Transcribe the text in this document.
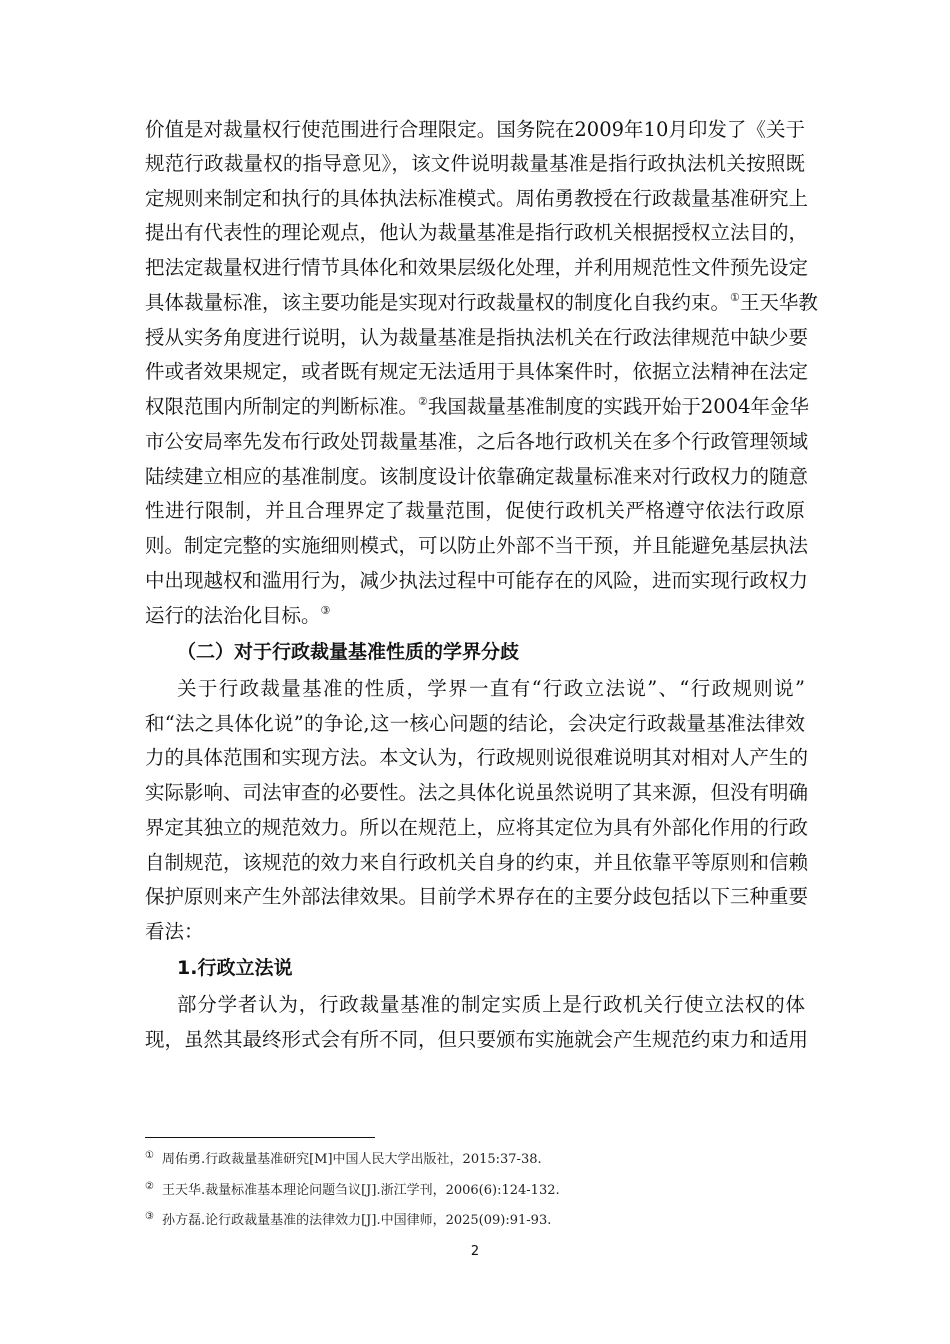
价值是对裁量权行使范围进行合理限定。国务院在2009年10月印发了《关于
规范行政裁量权的指导意见》，该文件说明裁量基准是指行政执法机关按照既
定规则来制定和执行的具体执法标准模式。周佑勇教授在行政裁量基准研究上
提出有代表性的理论观点，他认为裁量基准是指行政机关根据授权立法目的，
把法定裁量权进行情节具体化和效果层级化处理，并利用规范性文件预先设定
具体裁量标准，该主要功能是实现对行政裁量权的制度化自我约束。①王天华教
授从实务角度进行说明，认为裁量基准是指执法机关在行政法律规范中缺少要
件或者效果规定，或者既有规定无法适用于具体案件时，依据立法精神在法定
权限范围内所制定的判断标准。②我国裁量基准制度的实践开始于2004年金华
市公安局率先发布行政处罚裁量基准，之后各地行政机关在多个行政管理领域
陆续建立相应的基准制度。该制度设计依靠确定裁量标准来对行政权力的随意
性进行限制，并且合理界定了裁量范围，促使行政机关严格遵守依法行政原
则。制定完整的实施细则模式，可以防止外部不当干预，并且能避免基层执法
中出现越权和滥用行为，减少执法过程中可能存在的风险，进而实现行政权力
运行的法治化目标。③
（二）对于行政裁量基准性质的学界分歧
关于行政裁量基准的性质，学界一直有“行政立法说”、“行政规则说”
和“法之具体化说”的争论,这一核心问题的结论，会决定行政裁量基准法律效
力的具体范围和实现方法。本文认为，行政规则说很难说明其对相对人产生的
实际影响、司法审查的必要性。法之具体化说虽然说明了其来源，但没有明确
界定其独立的规范效力。所以在规范上，应将其定位为具有外部化作用的行政
自制规范，该规范的效力来自行政机关自身的约束，并且依靠平等原则和信赖
保护原则来产生外部法律效果。目前学术界存在的主要分歧包括以下三种重要
看法：
1.行政立法说
部分学者认为，行政裁量基准的制定实质上是行政机关行使立法权的体
现，虽然其最终形式会有所不同，但只要颁布实施就会产生规范约束力和适用
① 周佑勇.行政裁量基准研究[M]中国人民大学出版社，2015:37-38.
② 王天华.裁量标准基本理论问题刍议[J].浙江学刊，2006(6):124-132.
③ 孙方磊.论行政裁量基准的法律效力[J].中国律师，2025(09):91-93.
2
